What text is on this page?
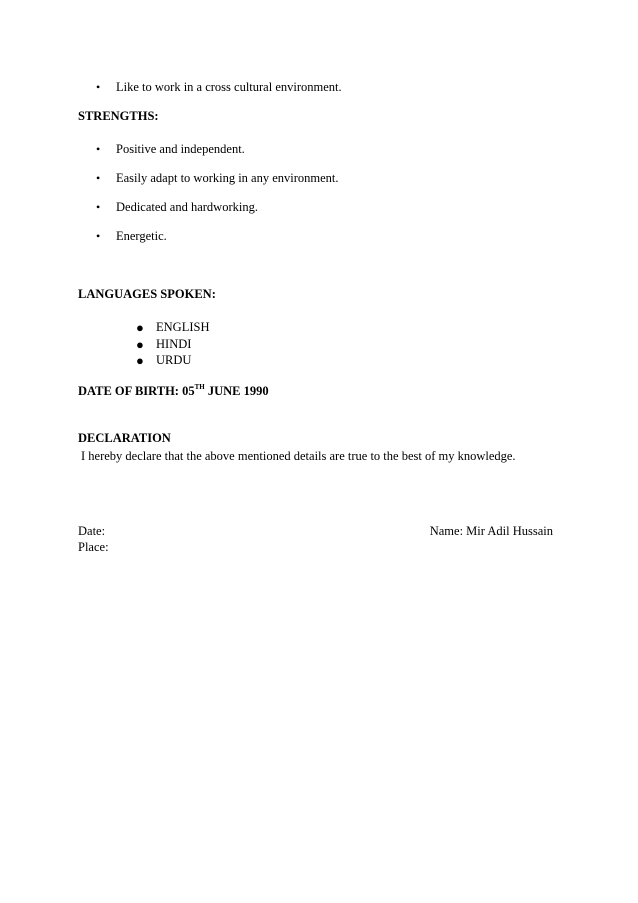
• Like to work in a cross cultural environment.
STRENGTHS:
• Positive and independent.
• Easily adapt to working in any environment.
• Dedicated and hardworking.
• Energetic.
LANGUAGES SPOKEN:
● ENGLISH
● HINDI
● URDU
DATE OF BIRTH: 05TH JUNE 1990
DECLARATION
I hereby declare that the above mentioned details are true to the best of my knowledge.
Date:
Place:
Name: Mir Adil Hussain
